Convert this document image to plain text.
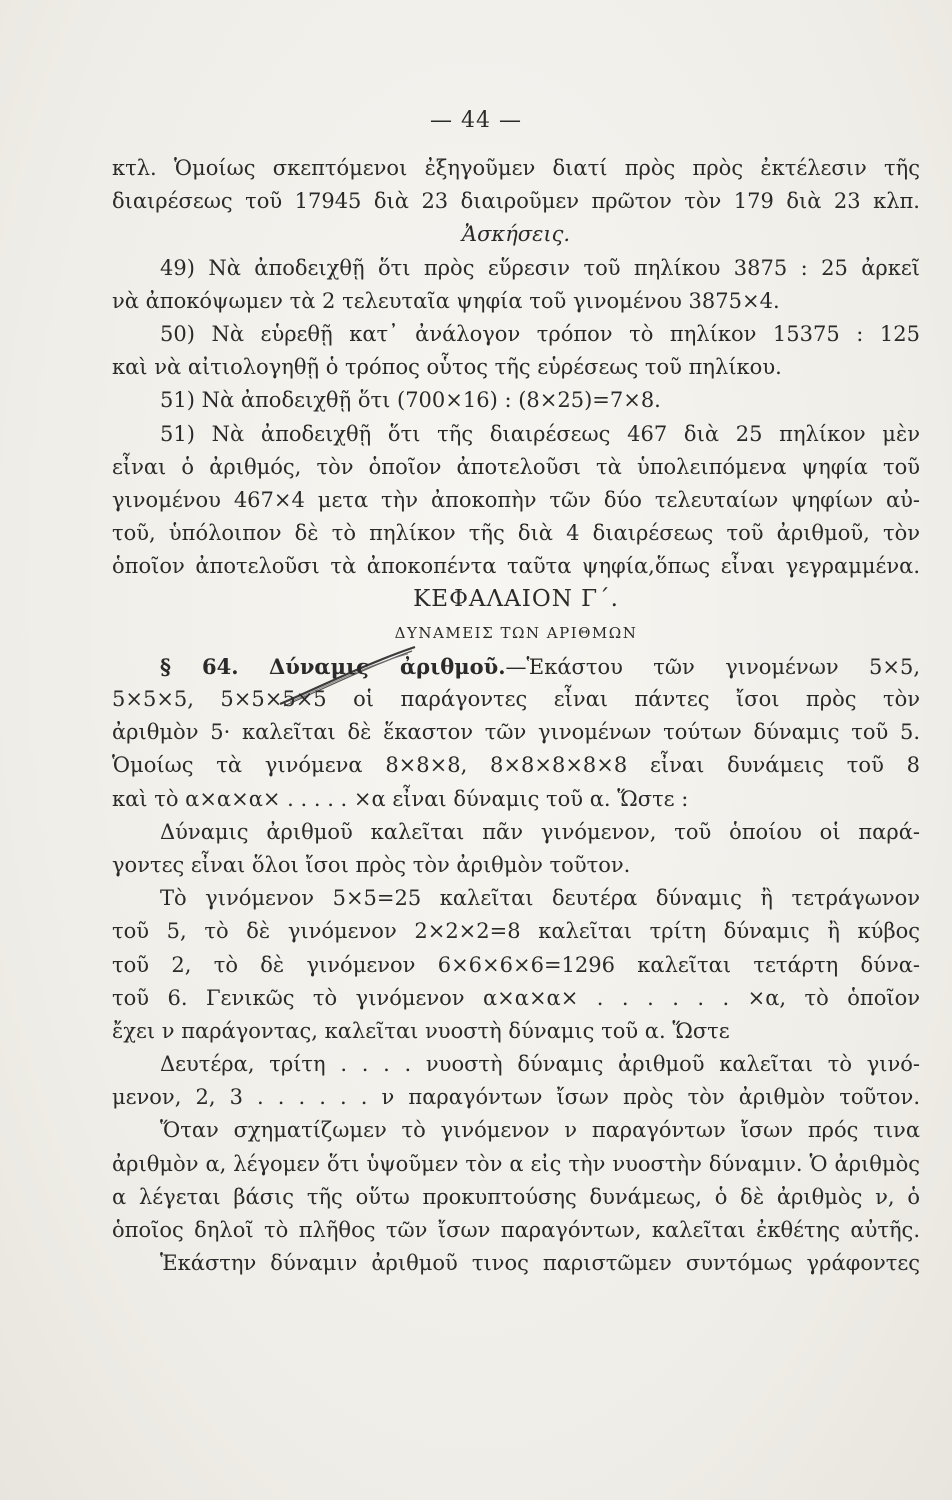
— 44 —
κτλ. Ὁμοίως σκεπτόμενοι ἐξηγοῦμεν διατί πρὸς πρὸς ἐκτέλεσιν τῆς
διαιρέσεως τοῦ 17945 διὰ 23 διαιροῦμεν πρῶτον τὸν 179 διὰ 23 κλπ.
Ἀσκήσεις.
49) Νὰ ἀποδειχθῇ ὅτι πρὸς εὕρεσιν τοῦ πηλίκου 3875 : 25 ἀρκεῖ
νὰ ἀποκόψωμεν τὰ 2 τελευταῖα ψηφία τοῦ γινομένου 3875×4.
50) Νὰ εὑρεθῇ κατ᾽ ἀνάλογον τρόπον τὸ πηλίκον 15375 : 125
καὶ νὰ αἰτιολογηθῇ ὁ τρόπος οὗτος τῆς εὑρέσεως τοῦ πηλίκου.
51) Νὰ ἀποδειχθῇ ὅτι (700×16) : (8×25)=7×8.
51) Νὰ ἀποδειχθῇ ὅτι τῆς διαιρέσεως 467 διὰ 25 πηλίκον μὲν
εἶναι ὁ ἀριθμός, τὸν ὁποῖον ἀποτελοῦσι τὰ ὑπολειπόμενα ψηφία τοῦ
γινομένου 467×4 μετα τὴν ἀποκοπὴν τῶν δύο τελευταίων ψηφίων αὐ-
τοῦ, ὑπόλοιπον δὲ τὸ πηλίκον τῆς διὰ 4 διαιρέσεως τοῦ ἀριθμοῦ, τὸν
ὁποῖον ἀποτελοῦσι τὰ ἀποκοπέντα ταῦτα ψηφία,ὅπως εἶναι γεγραμμένα.
ΚΕΦΑΛΑΙΟΝ Γ΄.
ΔΥΝΑΜΕΙΣ ΤΩΝ ΑΡΙΘΜΩΝ
§ 64. Δύναμις ἀριθμοῦ.—Ἑκάστου τῶν γινομένων 5×5,
5×5×5, 5×5×5×5 οἱ παράγοντες εἶναι πάντες ἴσοι πρὸς τὸν
ἀριθμὸν 5· καλεῖται δὲ ἕκαστον τῶν γινομένων τούτων δύναμις τοῦ 5.
Ὁμοίως τὰ γινόμενα 8×8×8, 8×8×8×8×8 εἶναι δυνάμεις τοῦ 8
καὶ τὸ α×α×α× . . . . . ×α εἶναι δύναμις τοῦ α. Ὥστε :
Δύναμις ἀριθμοῦ καλεῖται πᾶν γινόμενον, τοῦ ὁποίου οἱ παρά-
γοντες εἶναι ὅλοι ἴσοι πρὸς τὸν ἀριθμὸν τοῦτον.
Τὸ γινόμενον 5×5=25 καλεῖται δευτέρα δύναμις ἢ τετράγωνον
τοῦ 5, τὸ δὲ γινόμενον 2×2×2=8 καλεῖται τρίτη δύναμις ἢ κύβος
τοῦ 2, τὸ δὲ γινόμενον 6×6×6×6=1296 καλεῖται τετάρτη δύνα-
τοῦ 6. Γενικῶς τὸ γινόμενον α×α×α× . . . . . . ×α, τὸ ὁποῖον
ἔχει ν παράγοντας, καλεῖται νυοστὴ δύναμις τοῦ α. Ὥστε
Δευτέρα, τρίτη . . . . νυοστὴ δύναμις ἀριθμοῦ καλεῖται τὸ γινό-
μενον, 2, 3 . . . . . . ν παραγόντων ἴσων πρὸς τὸν ἀριθμὸν τοῦτον.
Ὅταν σχηματίζωμεν τὸ γινόμενον ν παραγόντων ἴσων πρός τινα
ἀριθμὸν α, λέγομεν ὅτι ὑψοῦμεν τὸν α εἰς τὴν νυοστὴν δύναμιν. Ὁ ἀριθμὸς
α λέγεται βάσις τῆς οὕτω προκυπτούσης δυνάμεως, ὁ δὲ ἀριθμὸς ν, ὁ
ὁποῖος δηλοῖ τὸ πλῆθος τῶν ἴσων παραγόντων, καλεῖται ἐκθέτης αὐτῆς.
Ἑκάστην δύναμιν ἀριθμοῦ τινος παριστῶμεν συντόμως γράφοντες
